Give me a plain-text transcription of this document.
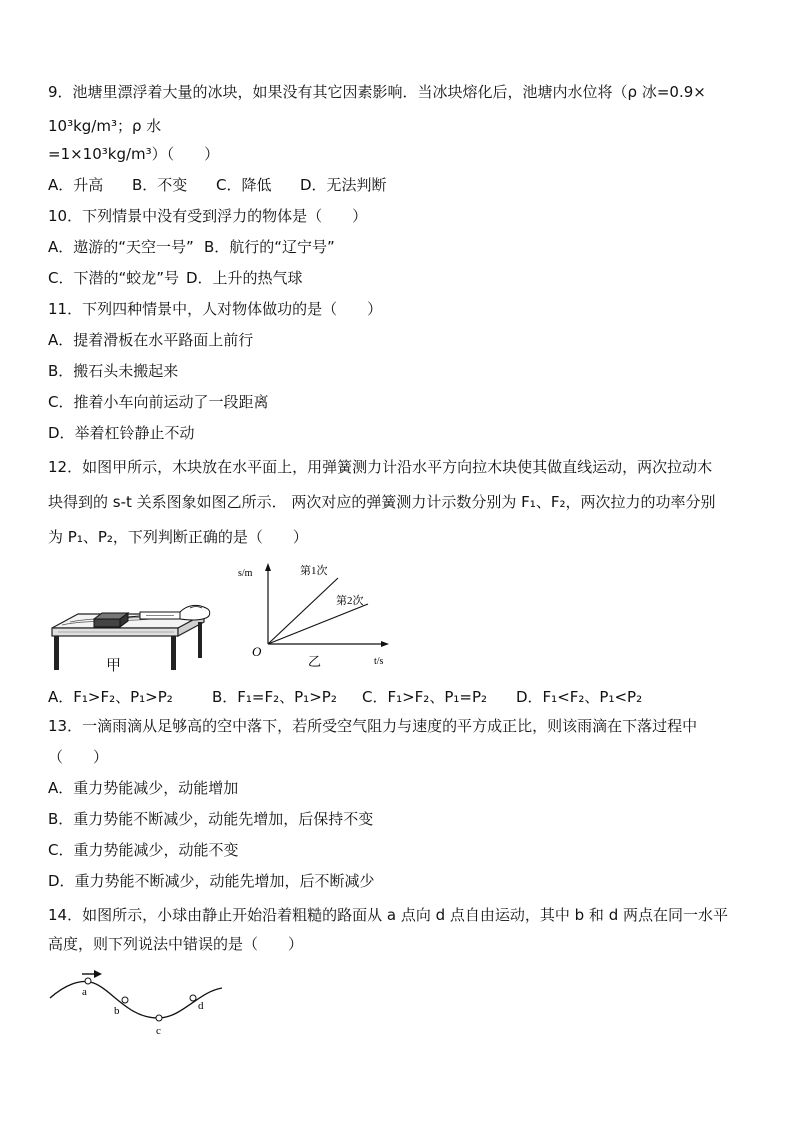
9．池塘里漂浮着大量的冰块，如果没有其它因素影响．当冰块熔化后，池塘内水位将（ρ 冰=0.9×
10³kg/m³；ρ 水
=1×10³kg/m³）（　　）
A．升高 B．不变 C．降低 D．无法判断
10．下列情景中没有受到浮力的物体是（　　）
A．遨游的“天空一号” B．航行的“辽宁号”
C．下潜的“蛟龙”号 D．上升的热气球
11．下列四种情景中，人对物体做功的是（　　）
A．提着滑板在水平路面上前行
B．搬石头未搬起来
C．推着小车向前运动了一段距离
D．举着杠铃静止不动
12．如图甲所示，木块放在水平面上，用弹簧测力计沿水平方向拉木块使其做直线运动，两次拉动木
块得到的 s-t 关系图象如图乙所示． 两次对应的弹簧测力计示数分别为 F₁、F₂，两次拉力的功率分别
为 P₁、P₂，下列判断正确的是（　　）
甲
s/m	第1次
第2次
O
乙	t/s
A．F₁>F₂、P₁>P₂	B．F₁=F₂、P₁>P₂ C．F₁>F₂、P₁=P₂ D．F₁<F₂、P₁<P₂
13．一滴雨滴从足够高的空中落下，若所受空气阻力与速度的平方成正比，则该雨滴在下落过程中
（　　）
A．重力势能减少，动能增加
B．重力势能不断减少，动能先增加，后保持不变
C．重力势能减少，动能不变
D．重力势能不断减少，动能先增加，后不断减少
14．如图所示，小球由静止开始沿着粗糙的路面从 a 点向 d 点自由运动，其中 b 和 d 两点在同一水平
高度，则下列说法中错误的是（　　）
a
b
c
d
